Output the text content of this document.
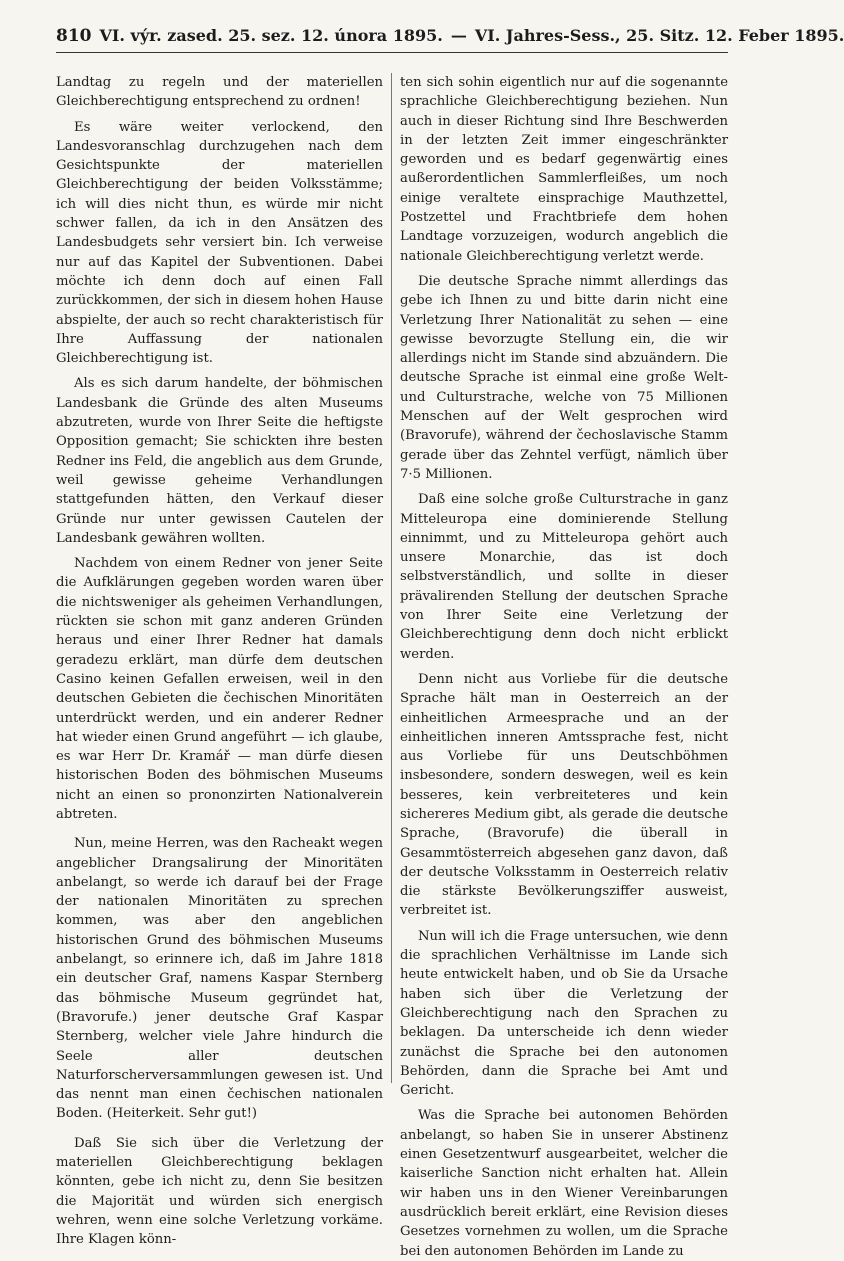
810 VI. výr. zased. 25. sez. 12. února 1895. — VI. Jahres-Sess., 25. Sitz. 12. Feber 1895.

Landtag zu regeln und der materiellen Gleichberechtigung entsprechend zu ordnen!

Es wäre weiter verlockend, den Landesvoranschlag durchzugehen nach dem Gesichtspunkte der materiellen Gleichberechtigung der beiden Volksstämme; ich will dies nicht thun, es würde mir nicht schwer fallen, da ich in den Ansätzen des Landesbudgets sehr versiert bin. Ich verweise nur auf das Kapitel der Subventionen. Dabei möchte ich denn doch auf einen Fall zurückkommen, der sich in diesem hohen Hause abspielte, der auch so recht charakteristisch für Ihre Auffassung der nationalen Gleichberechtigung ist.

Als es sich darum handelte, der böhmischen Landesbank die Gründe des alten Museums abzutreten, wurde von Ihrer Seite die heftigste Opposition gemacht; Sie schickten ihre besten Redner ins Feld, die angeblich aus dem Grunde, weil gewisse geheime Verhandlungen stattgefunden hätten, den Verkauf dieser Gründe nur unter gewissen Cautelen der Landesbank gewähren wollten.

Nachdem von einem Redner von jener Seite die Aufklärungen gegeben worden waren über die nichtsweniger als geheimen Verhandlungen, rückten sie schon mit ganz anderen Gründen heraus und einer Ihrer Redner hat damals geradezu erklärt, man dürfe dem deutschen Casino keinen Gefallen erweisen, weil in den deutschen Gebieten die čechischen Minoritäten unterdrückt werden, und ein anderer Redner hat wieder einen Grund angeführt — ich glaube, es war Herr Dr. Kramář — man dürfe diesen historischen Boden des böhmischen Museums nicht an einen so prononzirten Nationalverein abtreten.

Nun, meine Herren, was den Racheakt wegen angeblicher Drangsalirung der Minoritäten anbelangt, so werde ich darauf bei der Frage der nationalen Minoritäten zu sprechen kommen, was aber den angeblichen historischen Grund des böhmischen Museums anbelangt, so erinnere ich, daß im Jahre 1818 ein deutscher Graf, namens Kaspar Sternberg das böhmische Museum gegründet hat, (Bravorufe.) jener deutsche Graf Kaspar Sternberg, welcher viele Jahre hindurch die Seele aller deutschen Naturforscherversammlungen gewesen ist. Und das nennt man einen čechischen nationalen Boden. (Heiterkeit. Sehr gut!)

Daß Sie sich über die Verletzung der materiellen Gleichberechtigung beklagen könnten, gebe ich nicht zu, denn Sie besitzen die Majorität und würden sich energisch wehren, wenn eine solche Verletzung vorkäme. Ihre Klagen könn-

ten sich sohin eigentlich nur auf die sogenannte sprachliche Gleichberechtigung beziehen. Nun auch in dieser Richtung sind Ihre Beschwerden in der letzten Zeit immer eingeschränkter geworden und es bedarf gegenwärtig eines außerordentlichen Sammlerfleißes, um noch einige veraltete einsprachige Mauthzettel, Postzettel und Frachtbriefe dem hohen Landtage vorzuzeigen, wodurch angeblich die nationale Gleichberechtigung verletzt werde.

Die deutsche Sprache nimmt allerdings das gebe ich Ihnen zu und bitte darin nicht eine Verletzung Ihrer Nationalität zu sehen — eine gewisse bevorzugte Stellung ein, die wir allerdings nicht im Stande sind abzuändern. Die deutsche Sprache ist einmal eine große Welt- und Culturstrache, welche von 75 Millionen Menschen auf der Welt gesprochen wird (Bravorufe), während der čechoslavische Stamm gerade über das Zehntel verfügt, nämlich über 7·5 Millionen.

Daß eine solche große Culturstrache in ganz Mitteleuropa eine dominierende Stellung einnimmt, und zu Mitteleuropa gehört auch unsere Monarchie, das ist doch selbstverständlich, und sollte in dieser prävalirenden Stellung der deutschen Sprache von Ihrer Seite eine Verletzung der Gleichberechtigung denn doch nicht erblickt werden.

Denn nicht aus Vorliebe für die deutsche Sprache hält man in Oesterreich an der einheitlichen Armeesprache und an der einheitlichen inneren Amtssprache fest, nicht aus Vorliebe für uns Deutschböhmen insbesondere, sondern deswegen, weil es kein besseres, kein verbreiteteres und kein sichereres Medium gibt, als gerade die deutsche Sprache, (Bravorufe) die überall in Gesammtösterreich abgesehen ganz davon, daß der deutsche Volksstamm in Oesterreich relativ die stärkste Bevölkerungsziffer ausweist, verbreitet ist.

Nun will ich die Frage untersuchen, wie denn die sprachlichen Verhältnisse im Lande sich heute entwickelt haben, und ob Sie da Ursache haben sich über die Verletzung der Gleichberechtigung nach den Sprachen zu beklagen. Da unterscheide ich denn wieder zunächst die Sprache bei den autonomen Behörden, dann die Sprache bei Amt und Gericht.

Was die Sprache bei autonomen Behörden anbelangt, so haben Sie in unserer Abstinenz einen Gesetzentwurf ausgearbeitet, welcher die kaiserliche Sanction nicht erhalten hat. Allein wir haben uns in den Wiener Vereinbarungen ausdrücklich bereit erklärt, eine Revision dieses Gesetzes vornehmen zu wollen, um die Sprache bei den autonomen Behörden im Lande zu
